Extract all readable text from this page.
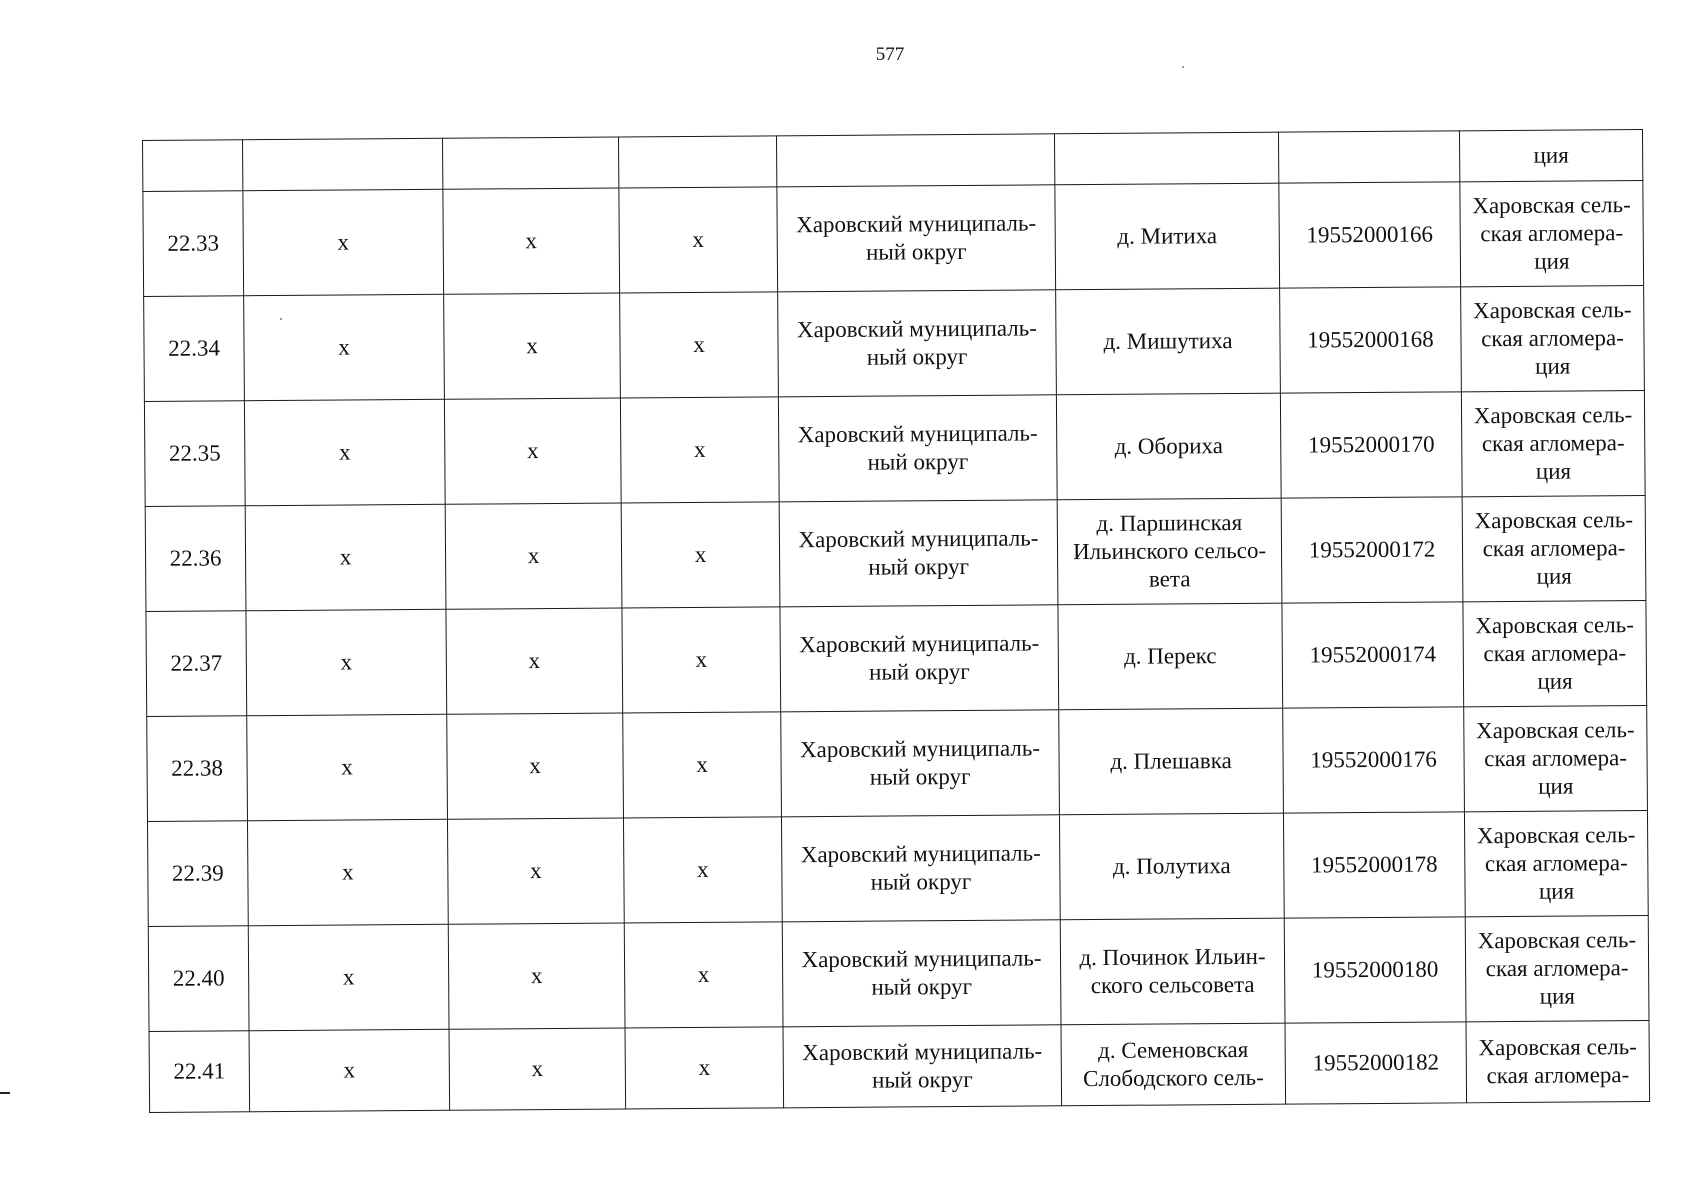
577
							ция
22.33	х	х	х	Харовский муниципаль-
ный округ	д. Митиха	19552000166	Харовская сель-
ская агломера-
ция

22.34	х	х	х	Харовский муниципаль-
ный округ	д. Мишутиха	19552000168	Харовская сель-
ская агломера-
ция

22.35	х	х	х	Харовский муниципаль-
ный округ	д. Обориха	19552000170	Харовская сель-
ская агломера-
ция

22.36	х	х	х	Харовский муниципаль-
ный округ	д. Паршинская
Ильинского сельсо-
вета	19552000172	Харовская сель-
ская агломера-
ция

22.37	х	х	х	Харовский муниципаль-
ный округ	д. Перекс	19552000174	Харовская сель-
ская агломера-
ция

22.38	х	х	х	Харовский муниципаль-
ный округ	д. Плешавка	19552000176	Харовская сель-
ская агломера-
ция

22.39	х	х	х	Харовский муниципаль-
ный округ	д. Полутиха	19552000178	Харовская сель-
ская агломера-
ция

22.40	х	х	х	Харовский муниципаль-
ный округ	д. Починок Ильин-
ского сельсовета	19552000180	Харовская сель-
ская агломера-
ция

22.41	х	х	х	Харовский муниципаль-
ный округ	д. Семеновская
Слободского сель-	19552000182	Харовская сель-
ская агломера-
